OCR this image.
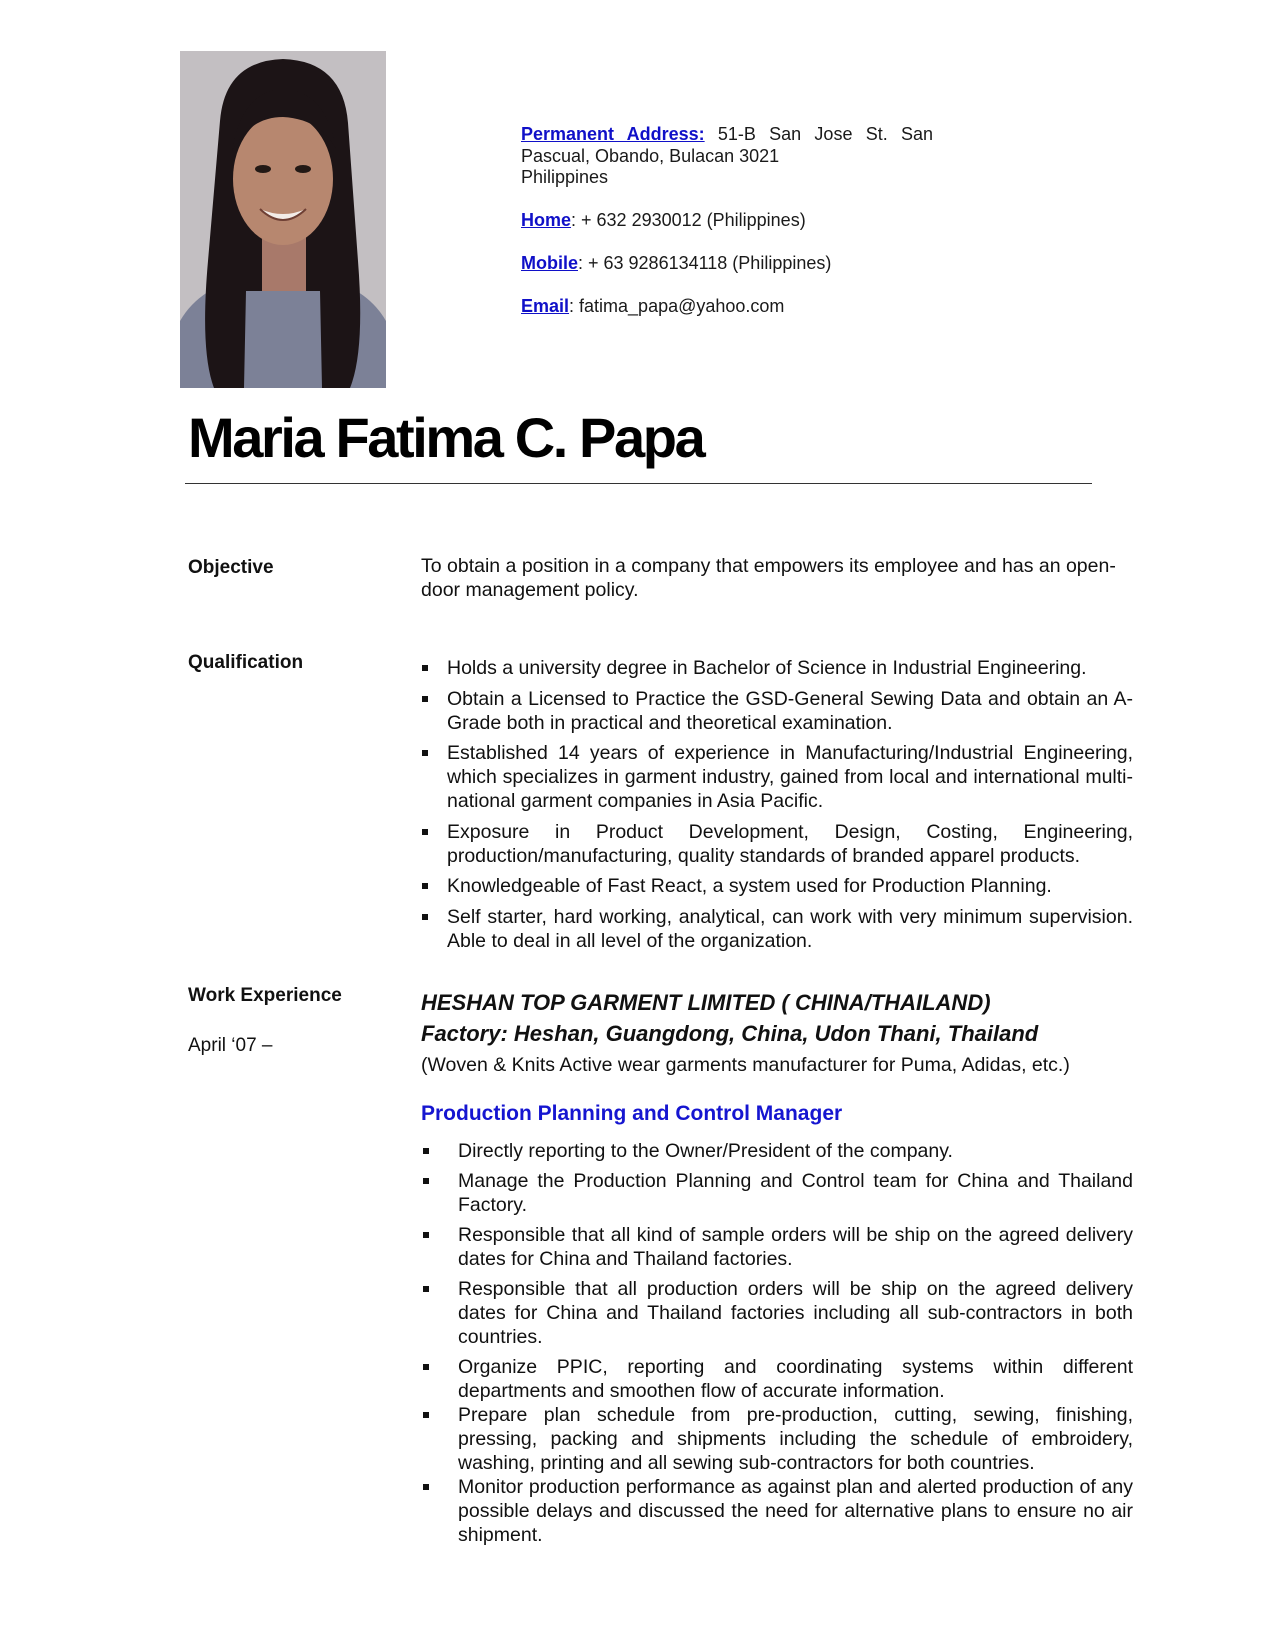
Permanent Address: 51-B San Jose St. San
Pascual, Obando, Bulacan 3021
Philippines
Home: + 632 2930012 (Philippines)
Mobile: + 63 9286134118 (Philippines)
Email: fatima_papa@yahoo.com
Maria Fatima C. Papa
Objective	To obtain a position in a company that empowers its employee and has an open-door management policy.
Qualification	Holds a university degree in Bachelor of Science in Industrial Engineering.
Obtain a Licensed to Practice the GSD-General Sewing Data and obtain an A-Grade both in practical and theoretical examination.
Established 14 years of experience in Manufacturing/Industrial Engineering, which specializes in garment industry, gained from local and international multi-national garment companies in Asia Pacific.
Exposure in Product Development, Design, Costing, Engineering, production/manufacturing, quality standards of branded apparel products.
Knowledgeable of Fast React, a system used for Production Planning.
Self starter, hard working, analytical, can work with very minimum supervision. Able to deal in all level of the organization.
Work Experience
April ‘07 –
HESHAN TOP GARMENT LIMITED ( CHINA/THAILAND)
Factory: Heshan, Guangdong, China, Udon Thani, Thailand
(Woven & Knits Active wear garments manufacturer for Puma, Adidas, etc.)
Production Planning and Control Manager
Directly reporting to the Owner/President of the company.
Manage the Production Planning and Control team for China and Thailand Factory.
Responsible that all kind of sample orders will be ship on the agreed delivery dates for China and Thailand factories.
Responsible that all production orders will be ship on the agreed delivery dates for China and Thailand factories including all sub-contractors in both countries.
Organize PPIC, reporting and coordinating systems within different departments and smoothen flow of accurate information.
Prepare plan schedule from pre-production, cutting, sewing, finishing, pressing, packing and shipments including the schedule of embroidery, washing, printing and all sewing sub-contractors for both countries.
Monitor production performance as against plan and alerted production of any possible delays and discussed the need for alternative plans to ensure no air shipment.
